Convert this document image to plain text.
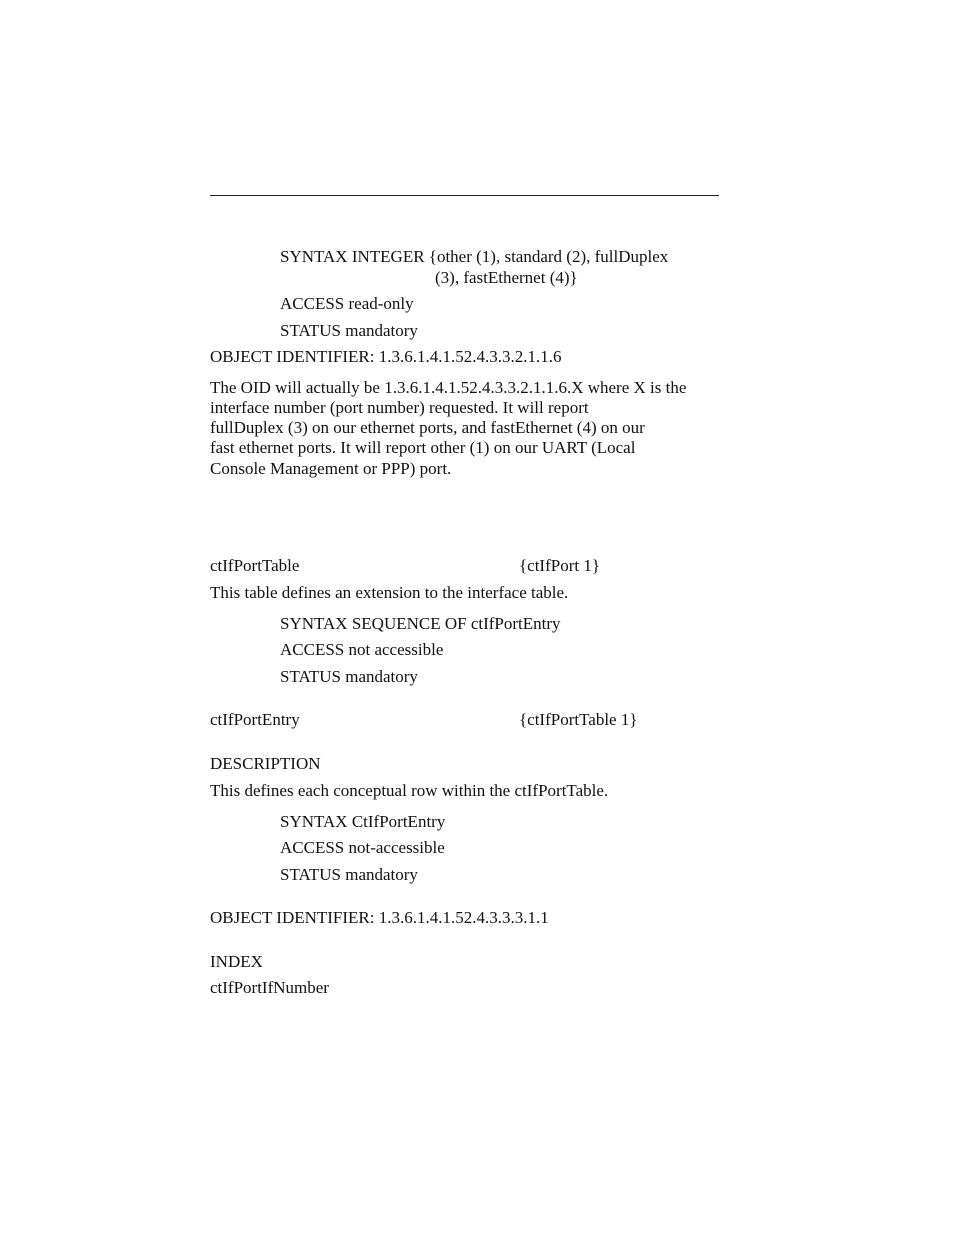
SYNTAX INTEGER {other (1), standard (2), fullDuplex
(3), fastEthernet (4)}
ACCESS read-only
STATUS mandatory
OBJECT IDENTIFIER: 1.3.6.1.4.1.52.4.3.3.2.1.1.6
The OID will actually be 1.3.6.1.4.1.52.4.3.3.2.1.1.6.X where X is the
interface number (port number) requested. It will report
fullDuplex (3) on our ethernet ports, and fastEthernet (4) on our
fast ethernet ports. It will report other (1) on our UART (Local
Console Management or PPP) port.
ctIfPortTable	{ctIfPort 1}
This table defines an extension to the interface table.
SYNTAX SEQUENCE OF ctIfPortEntry
ACCESS not accessible
STATUS mandatory
ctIfPortEntry	{ctIfPortTable 1}
DESCRIPTION
This defines each conceptual row within the ctIfPortTable.
SYNTAX CtIfPortEntry
ACCESS not-accessible
STATUS mandatory
OBJECT IDENTIFIER: 1.3.6.1.4.1.52.4.3.3.3.1.1
INDEX
ctIfPortIfNumber
